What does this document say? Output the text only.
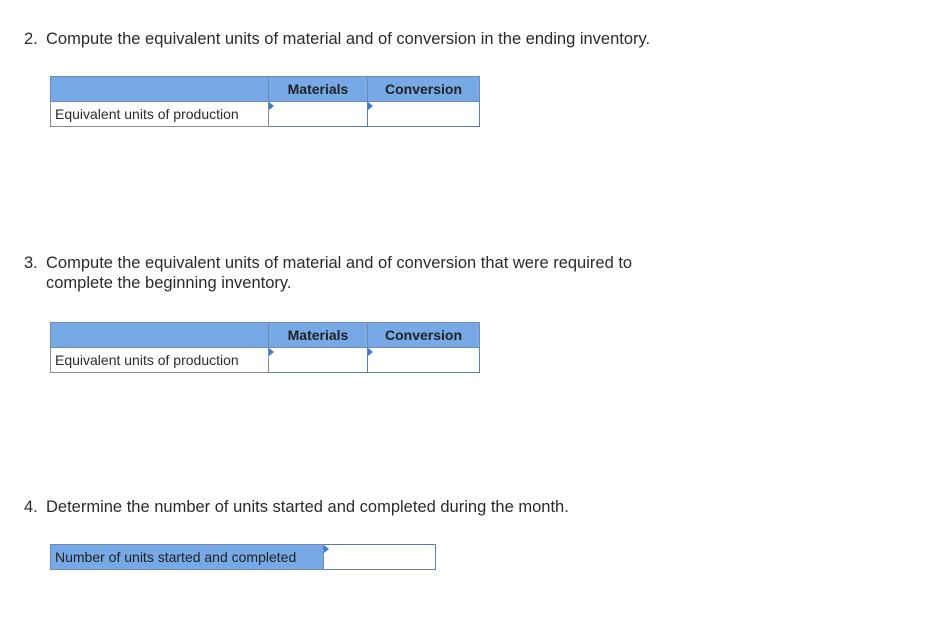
2. Compute the equivalent units of material and of conversion in the ending inventory.
	Materials	Conversion
Equivalent units of production	

3. Compute the equivalent units of material and of conversion that were required to complete the beginning inventory.
	Materials	Conversion
Equivalent units of production	

4. Determine the number of units started and completed during the month.
Number of units started and completed	
